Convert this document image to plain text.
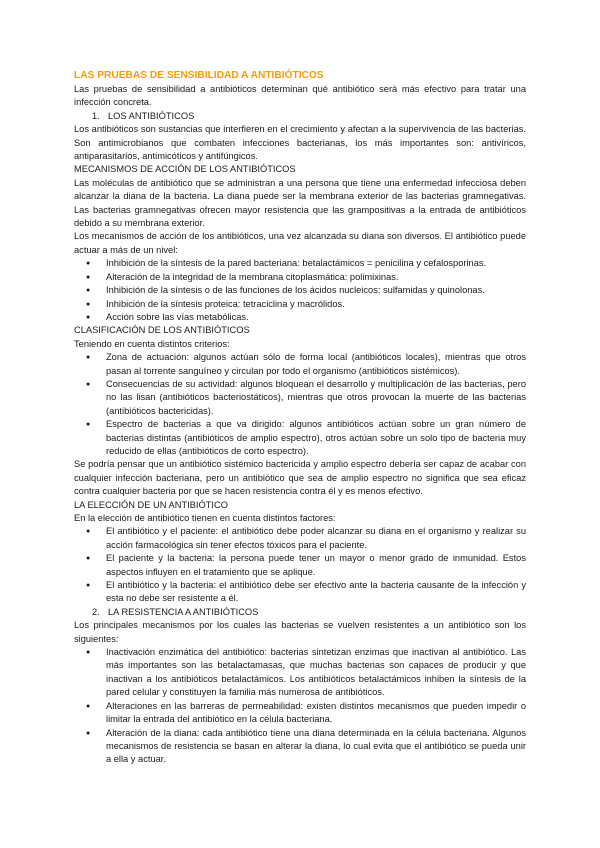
LAS PRUEBAS DE SENSIBILIDAD A ANTIBIÓTICOS

Las pruebas de sensibilidad a antibióticos determinan qué antibiótico será más efectivo para tratar una infección concreta.

1. LOS ANTIBIÓTICOS

Los antibióticos son sustancias que interfieren en el crecimiento y afectan a la supervivencia de las bacterias. Son antimicrobianos que combaten infecciones bacterianas, los más importantes son: antivíricos, antiparasitarios, antimicóticos y antifúngicos.

MECANISMOS DE ACCIÓN DE LOS ANTIBIÓTICOS

Las moléculas de antibiótico que se administran a una persona que tiene una enfermedad infecciosa deben alcanzar la diana de la bacteria. La diana puede ser la membrana exterior de las bacterias gramnegativas. Las bacterias gramnegativas ofrecen mayor resistencia que las grampositivas a la entrada de antibióticos debido a su membrana exterior.

Los mecanismos de acción de los antibióticos, una vez alcanzada su diana son diversos. El antibiótico puede actuar a más de un nivel:

● Inhibición de la síntesis de la pared bacteriana: betalactámicos = penicilina y cefalosporinas.
● Alteración de la integridad de la membrana citoplasmática: polimixinas.
● Inhibición de la síntesis o de las funciones de los ácidos nucleicos: sulfamidas y quinolonas.
● Inhibición de la síntesis proteica: tetraciclina y macrólidos.
● Acción sobre las vías metabólicas.
CLASIFICACIÓN DE LOS ANTIBIÓTICOS

Teniendo en cuenta distintos criterios:

● Zona de actuación: algunos actúan sólo de forma local (antibióticos locales), mientras que otros pasan al torrente sanguíneo y circulan por todo el organismo (antibióticos sistémicos).
● Consecuencias de su actividad: algunos bloquean el desarrollo y multiplicación de las bacterias, pero no las lisan (antibióticos bacteriostáticos), mientras que otros provocan la muerte de las bacterias (antibióticos bactericidas).
● Espectro de bacterias a que va dirigido: algunos antibióticos actúan sobre un gran número de bacterias distintas (antibióticos de amplio espectro), otros actúan sobre un solo tipo de bacteria muy reducido de ellas (antibióticos de corto espectro).

Se podría pensar que un antibiótico sistémico bactericida y amplio espectro debería ser capaz de acabar con cualquier infección bacteriana, pero un antibiótico que sea de amplio espectro no significa que sea eficaz contra cualquier bacteria por que se hacen resistencia contra él y es menos efectivo.

LA ELECCIÓN DE UN ANTIBIÓTICO

En la elección de antibiótico tienen en cuenta distintos factores:

● El antibiótico y el paciente: el antibiótico debe poder alcanzar su diana en el organismo y realizar su acción farmacológica sin tener efectos tóxicos para el paciente.
● El paciente y la bacteria: la persona puede tener un mayor o menor grado de inmunidad. Estos aspectos influyen en el tratamiento que se aplique.
● El antibiótico y la bacteria: el antibiótico debe ser efectivo ante la bacteria causante de la infección y esta no debe ser resistente a él.
2. LA RESISTENCIA A ANTIBIÓTICOS

Los principales mecanismos por los cuales las bacterias se vuelven resistentes a un antibiótico son los siguientes:

● Inactivación enzimática del antibiótico: bacterias sintetizan enzimas que inactivan al antibiótico. Las más importantes son las betalactamasas, que muchas bacterias son capaces de producir y que inactivan a los antibióticos betalactámicos. Los antibióticos betalactámicos inhiben la síntesis de la pared celular y constituyen la familia más numerosa de antibióticos.
● Alteraciones en las barreras de permeabilidad: existen distintos mecanismos que pueden impedir o limitar la entrada del antibiótico en la célula bacteriana.
● Alteración de la diana: cada antibiótico tiene una diana determinada en la célula bacteriana. Algunos mecanismos de resistencia se basan en alterar la diana, lo cual evita que el antibiótico se pueda unir a ella y actuar.
